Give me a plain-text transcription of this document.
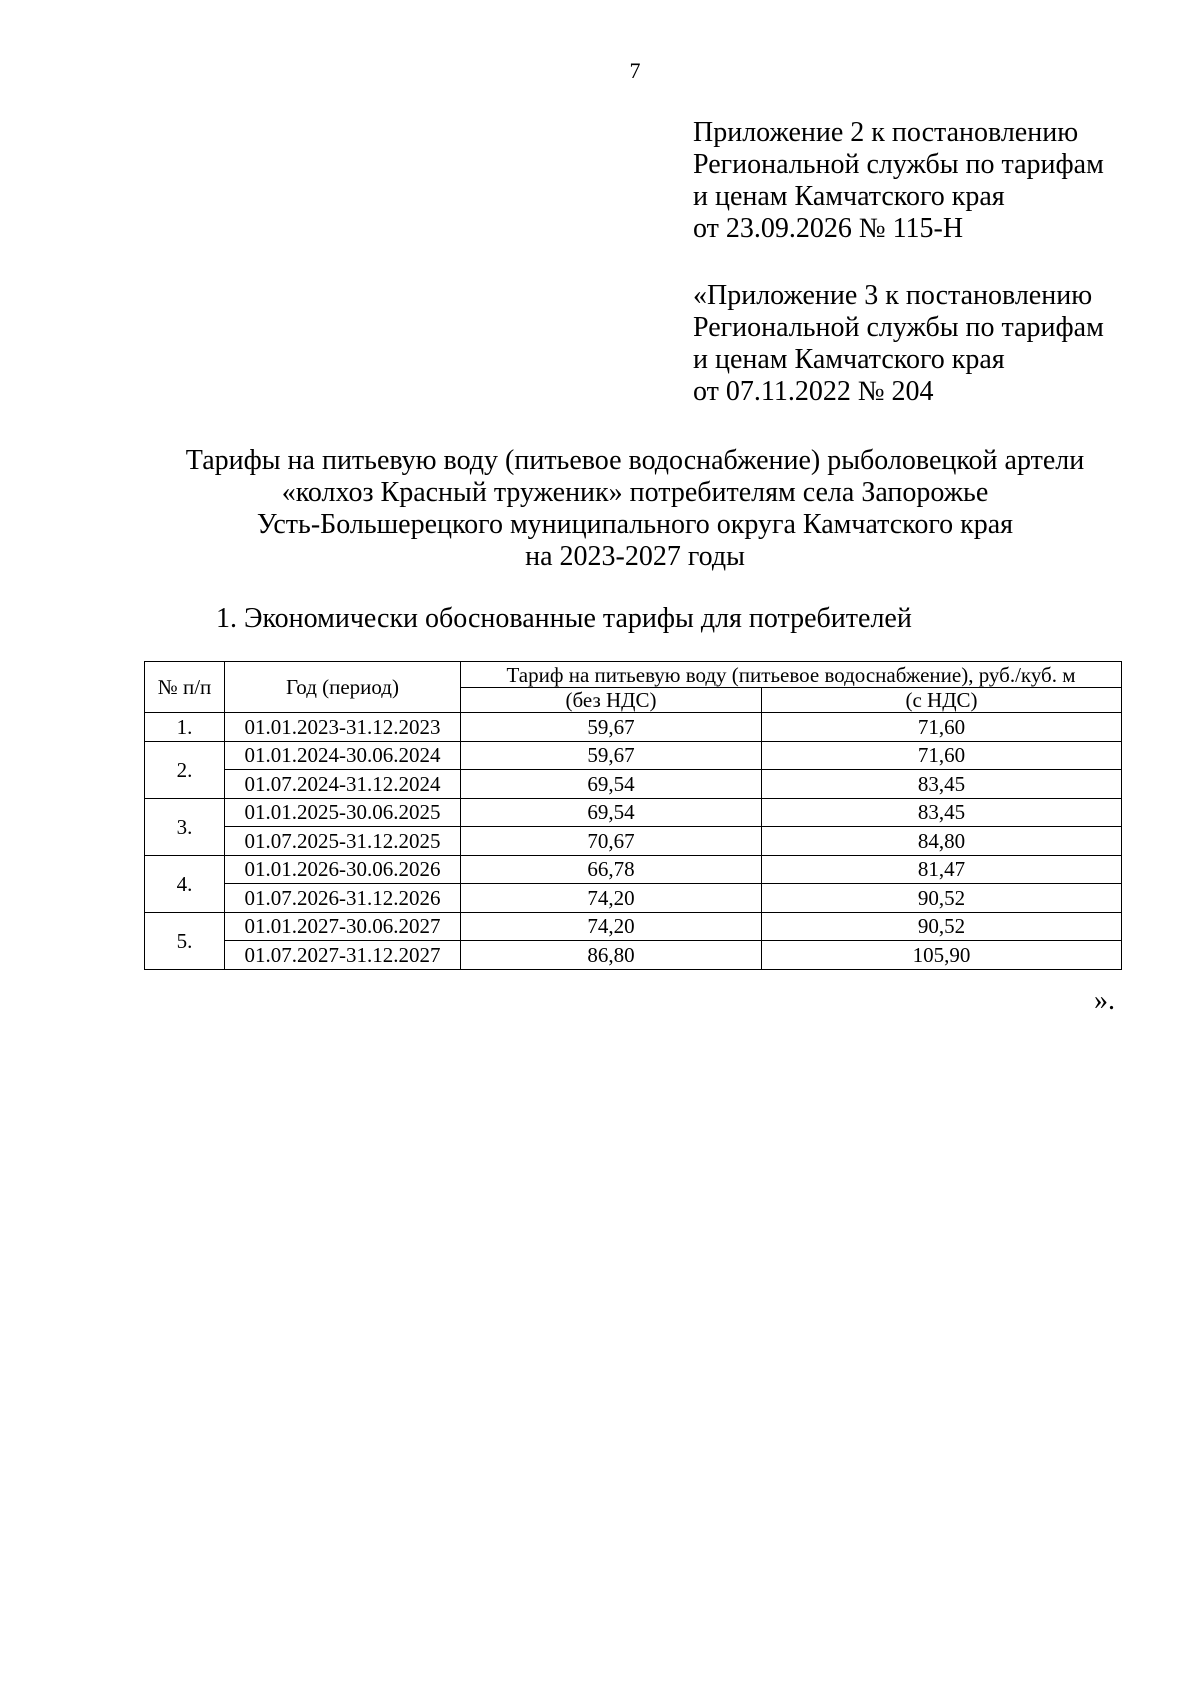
7
Приложение 2 к постановлению
Региональной службы по тарифам
и ценам Камчатского края
от 23.09.2026 № 115-Н
«Приложение 3 к постановлению
Региональной службы по тарифам
и ценам Камчатского края
от 07.11.2022 № 204
Тарифы на питьевую воду (питьевое водоснабжение) рыболовецкой артели
«колхоз Красный труженик» потребителям села Запорожье
Усть-Большерецкого муниципального округа Камчатского края
на 2023-2027 годы
1. Экономически обоснованные тарифы для потребителей
№ п/п	Год (период)	Тариф на питьевую воду (питьевое водоснабжение), руб./куб. м	
		(без НДС)	(с НДС)
1.	01.01.2023-31.12.2023	59,67	71,60
2.	01.01.2024-30.06.2024	59,67	71,60
	01.07.2024-31.12.2024	69,54	83,45
3.	01.01.2025-30.06.2025	69,54	83,45
	01.07.2025-31.12.2025	70,67	84,80
4.	01.01.2026-30.06.2026	66,78	81,47
	01.07.2026-31.12.2026	74,20	90,52
5.	01.01.2027-30.06.2027	74,20	90,52
	01.07.2027-31.12.2027	86,80	105,90
».
